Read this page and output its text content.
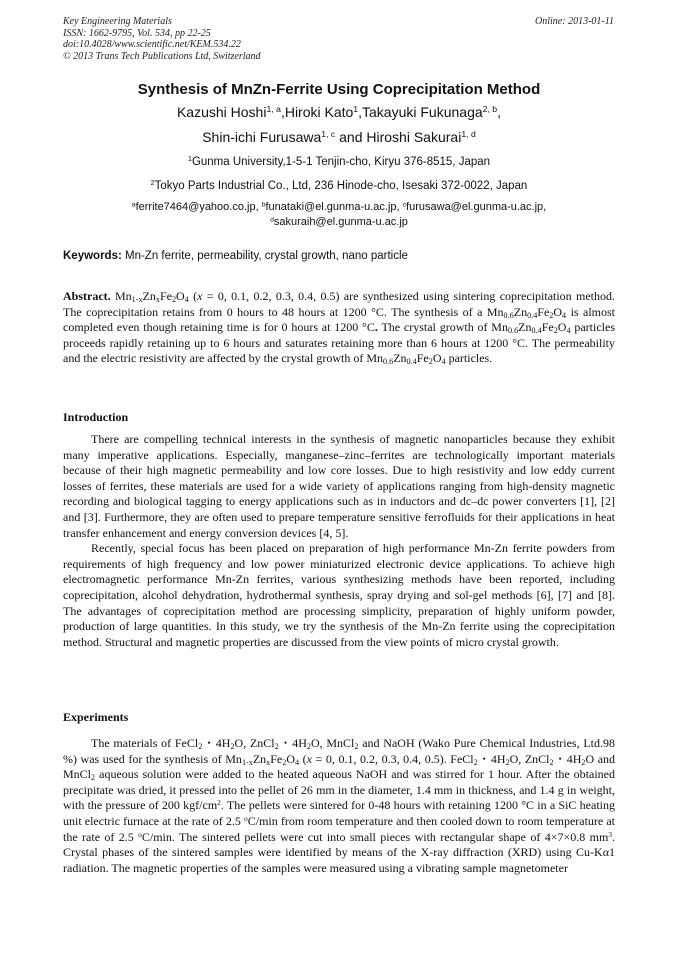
Key Engineering Materials
ISSN: 1662-9795, Vol. 534, pp 22-25
doi:10.4028/www.scientific.net/KEM.534.22
© 2013 Trans Tech Publications Ltd, Switzerland
Online: 2013-01-11
Synthesis of MnZn-Ferrite Using Coprecipitation Method
Kazushi Hoshi$^{1, a}$,Hiroki Kato$^1$,Takayuki Fukunaga$^{2, b}$,
Shin-ichi Furusawa$^{1, c}$ and Hiroshi Sakurai$^{1, d}$
$^1$Gunma University,1-5-1 Tenjin-cho, Kiryu 376-8515, Japan
$^2$Tokyo Parts Industrial Co., Ltd, 236 Hinode-cho, Isesaki 372-0022, Japan
$^a$ferrite7464@yahoo.co.jp, $^b$funataki@el.gunma-u.ac.jp, $^c$furusawa@el.gunma-u.ac.jp,
$^d$sakuraih@el.gunma-u.ac.jp
Keywords: Mn-Zn ferrite, permeability, crystal growth, nano particle
Abstract. $Mn_{1-x}Zn_xFe_2O_4$ (x = 0, 0.1, 0.2, 0.3, 0.4, 0.5) are synthesized using sintering coprecipitation method. The coprecipitation retains from 0 hours to 48 hours at 1200 °C. The synthesis of a $Mn_{0.6}Zn_{0.4}Fe_2O_4$ is almost completed even though retaining time is for 0 hours at 1200 °C. The crystal growth of $Mn_{0.6}Zn_{0.4}Fe_2O_4$ particles proceeds rapidly retaining up to 6 hours and saturates retaining more than 6 hours at 1200 °C. The permeability and the electric resistivity are affected by the crystal growth of $Mn_{0.6}Zn_{0.4}Fe_2O_4$ particles.
Introduction

There are compelling technical interests in the synthesis of magnetic nanoparticles because they exhibit many imperative applications. Especially, manganese–zinc–ferrites are technologically important materials because of their high magnetic permeability and low core losses. Due to high resistivity and low eddy current losses of ferrites, these materials are used for a wide variety of applications ranging from high-density magnetic recording and biological tagging to energy applications such as in inductors and dc–dc power converters [1], [2] and [3]. Furthermore, they are often used to prepare temperature sensitive ferrofluids for their applications in heat transfer enhancement and energy conversion devices [4, 5].

Recently, special focus has been placed on preparation of high performance Mn-Zn ferrite powders from requirements of high frequency and low power miniaturized electronic device applications. To achieve high electromagnetic performance Mn-Zn ferrites, various synthesizing methods have been reported, including coprecipitation, alcohol dehydration, hydrothermal synthesis, spray drying and sol-gel methods [6], [7] and [8]. The advantages of coprecipitation method are processing simplicity, preparation of highly uniform powder, production of large quantities. In this study, we try the synthesis of the Mn-Zn ferrite using the coprecipitation method. Structural and magnetic properties are discussed from the view points of micro crystal growth.

Experiments

The materials of FeCl$_2$・$4H_2O$, ZnCl$_2$・$4H_2O$, MnCl$_2$ and NaOH (Wako Pure Chemical Industries, Ltd.98 %) was used for the synthesis of $Mn_{1-x}Zn_xFe_2O_4$ (x = 0, 0.1, 0.2, 0.3, 0.4, 0.5). FeCl$_2$・$4H_2O$, ZnCl$_2$・$4H_2O$ and MnCl$_2$ aqueous solution were added to the heated aqueous NaOH and was stirred for 1 hour. After the obtained precipitate was dried, it pressed into the pellet of 26 mm in the diameter, 1.4 mm in thickness, and 1.4 g in weight, with the pressure of 200 kgf/$cm^2$. The pellets were sintered for 0-48 hours with retaining 1200 °C in a SiC heating unit electric furnace at the rate of 2.5 $^o$C/min from room temperature and then cooled down to room temperature at the rate of 2.5 $^o$C/min. The sintered pellets were cut into small pieces with rectangular shape of 4×7×0.8 $mm^3$. Crystal phases of the sintered samples were identified by means of the X-ray diffraction (XRD) using Cu-Kα1 radiation. The magnetic properties of the samples were measured using a vibrating sample magnetometer
